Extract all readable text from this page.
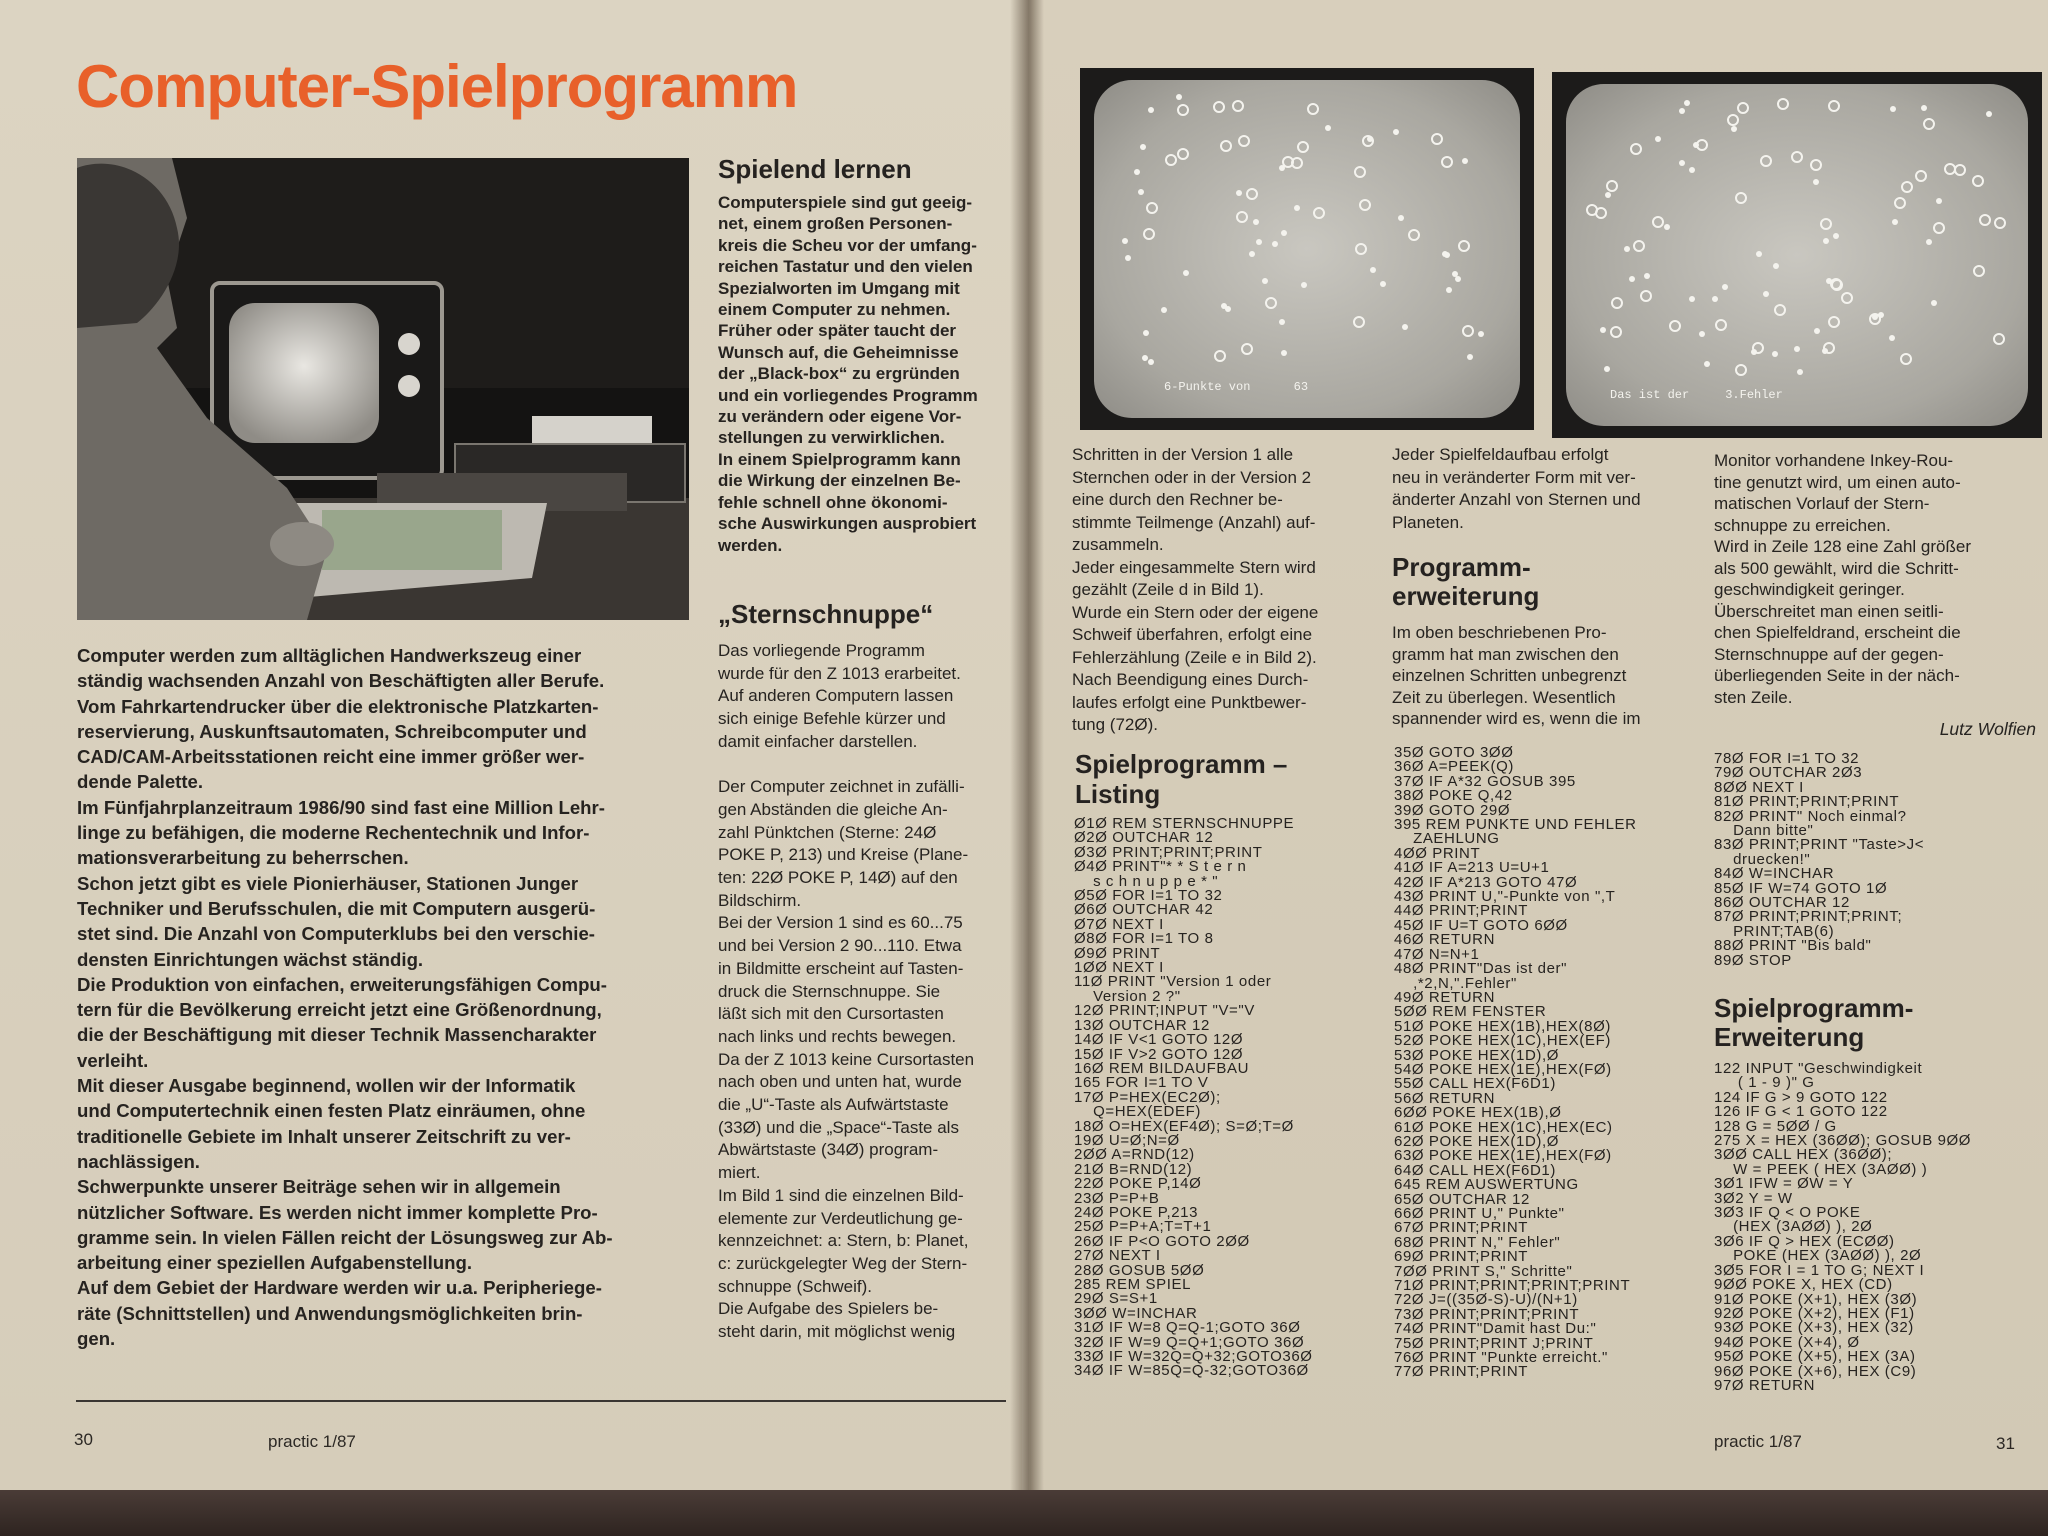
Computer-Spielprogramm

Computer werden zum alltäglichen Handwerkszeug einer

ständig wachsenden Anzahl von Beschäftigten aller Berufe.

Vom Fahrkartendrucker über die elektronische Platzkarten-

reservierung, Auskunftsautomaten, Schreibcomputer und

CAD/CAM-Arbeitsstationen reicht eine immer größer wer-

dende Palette.

Im Fünfjahrplanzeitraum 1986/90 sind fast eine Million Lehr-

linge zu befähigen, die moderne Rechentechnik und Infor-

mationsverarbeitung zu beherrschen.

Schon jetzt gibt es viele Pionierhäuser, Stationen Junger

Techniker und Berufsschulen, die mit Computern ausgerü-

stet sind. Die Anzahl von Computerklubs bei den verschie-

densten Einrichtungen wächst ständig.

Die Produktion von einfachen, erweiterungsfähigen Compu-

tern für die Bevölkerung erreicht jetzt eine Größenordnung,

die der Beschäftigung mit dieser Technik Massencharakter

verleiht.

Mit dieser Ausgabe beginnend, wollen wir der Informatik

und Computertechnik einen festen Platz einräumen, ohne

traditionelle Gebiete im Inhalt unserer Zeitschrift zu ver-

nachlässigen.

Schwerpunkte unserer Beiträge sehen wir in allgemein

nützlicher Software. Es werden nicht immer komplette Pro-

gramme sein. In vielen Fällen reicht der Lösungsweg zur Ab-

arbeitung einer speziellen Aufgabenstellung.

Auf dem Gebiet der Hardware werden wir u.a. Peripheriege-

räte (Schnittstellen) und Anwendungsmöglichkeiten brin-

gen.

Spielend lernen

Computerspiele sind gut geeig-

net, einem großen Personen-

kreis die Scheu vor der umfang-

reichen Tastatur und den vielen

Spezialworten im Umgang mit

einem Computer zu nehmen.

Früher oder später taucht der

Wunsch auf, die Geheimnisse

der „Black-box“ zu ergründen

und ein vorliegendes Programm

zu verändern oder eigene Vor-

stellungen zu verwirklichen.

In einem Spielprogramm kann

die Wirkung der einzelnen Be-

fehle schnell ohne ökonomi-

sche Auswirkungen ausprobiert

werden.

„Sternschnuppe“

Das vorliegende Programm

wurde für den Z 1013 erarbeitet.

Auf anderen Computern lassen

sich einige Befehle kürzer und

damit einfacher darstellen.

Der Computer zeichnet in zufälli-

gen Abständen die gleiche An-

zahl Pünktchen (Sterne: 24Ø

POKE P, 213) und Kreise (Plane-

ten: 22Ø POKE P, 14Ø) auf den

Bildschirm.

Bei der Version 1 sind es 60...75

und bei Version 2 90...110. Etwa

in Bildmitte erscheint auf Tasten-

druck die Sternschnuppe. Sie

läßt sich mit den Cursortasten

nach links und rechts bewegen.

Da der Z 1013 keine Cursortasten

nach oben und unten hat, wurde

die „U“-Taste als Aufwärtstaste

(33Ø) und die „Space“-Taste als

Abwärtstaste (34Ø) program-

miert.

Im Bild 1 sind die einzelnen Bild-

elemente zur Verdeutlichung ge-

kennzeichnet: a: Stern, b: Planet,

c: zurückgelegter Weg der Stern-

schnuppe (Schweif).

Die Aufgabe des Spielers be-

steht darin, mit möglichst wenig

30	practic 1/87
6-Punkte von      63
Das ist der     3.Fehler

Schritten in der Version 1 alle

Sternchen oder in der Version 2

eine durch den Rechner be-

stimmte Teilmenge (Anzahl) auf-

zusammeln.

Jeder eingesammelte Stern wird

gezählt (Zeile d in Bild 1).

Wurde ein Stern oder der eigene

Schweif überfahren, erfolgt eine

Fehlerzählung (Zeile e in Bild 2).

Nach Beendigung eines Durch-

laufes erfolgt eine Punktbewer-

tung (72Ø).

Spielprogramm –
Listing

Jeder Spielfeldaufbau erfolgt

neu in veränderter Form mit ver-

änderter Anzahl von Sternen und

Planeten.

Programm-
erweiterung

Im oben beschriebenen Pro-

gramm hat man zwischen den

einzelnen Schritten unbegrenzt

Zeit zu überlegen. Wesentlich

spannender wird es, wenn die im

Monitor vorhandene Inkey-Rou-

tine genutzt wird, um einen auto-

matischen Vorlauf der Stern-

schnuppe zu erreichen.

Wird in Zeile 128 eine Zahl größer

als 500 gewählt, wird die Schritt-

geschwindigkeit geringer.

Überschreitet man einen seitli-

chen Spielfeldrand, erscheint die

Sternschnuppe auf der gegen-

überliegenden Seite in der näch-

sten Zeile.

Lutz Wolfien
Ø1Ø REM STERNSCHNUPPE
Ø2Ø OUTCHAR 12
Ø3Ø PRINT;PRINT;PRINT
Ø4Ø PRINT"* * S t e r n
s c h n u p p e * "
Ø5Ø FOR I=1 TO 32
Ø6Ø OUTCHAR 42
Ø7Ø NEXT I
Ø8Ø FOR I=1 TO 8
Ø9Ø PRINT
1ØØ NEXT I
11Ø PRINT "Version 1 oder
Version 2 ?"
12Ø PRINT;INPUT "V="V
13Ø OUTCHAR 12
14Ø IF V<1 GOTO 12Ø
15Ø IF V>2 GOTO 12Ø
16Ø REM BILDAUFBAU
165 FOR I=1 TO V
17Ø P=HEX(EC2Ø);
Q=HEX(EDEF)
18Ø O=HEX(EF4Ø); S=Ø;T=Ø
19Ø U=Ø;N=Ø
2ØØ A=RND(12)
21Ø B=RND(12)
22Ø POKE P,14Ø
23Ø P=P+B
24Ø POKE P,213
25Ø P=P+A;T=T+1
26Ø IF P<O GOTO 2ØØ
27Ø NEXT I
28Ø GOSUB 5ØØ
285 REM SPIEL
29Ø S=S+1
3ØØ W=INCHAR
31Ø IF W=8 Q=Q-1;GOTO 36Ø
32Ø IF W=9 Q=Q+1;GOTO 36Ø
33Ø IF W=32Q=Q+32;GOTO36Ø
34Ø IF W=85Q=Q-32;GOTO36Ø
35Ø GOTO 3ØØ
36Ø A=PEEK(Q)
37Ø IF A*32 GOSUB 395
38Ø POKE Q,42
39Ø GOTO 29Ø
395 REM PUNKTE UND FEHLER
ZAEHLUNG
4ØØ PRINT
41Ø IF A=213 U=U+1
42Ø IF A*213 GOTO 47Ø
43Ø PRINT U,"-Punkte von ",T
44Ø PRINT;PRINT
45Ø IF U=T GOTO 6ØØ
46Ø RETURN
47Ø N=N+1
48Ø PRINT"Das ist der"
,*2,N,".Fehler"
49Ø RETURN
5ØØ REM FENSTER
51Ø POKE HEX(1B),HEX(8Ø)
52Ø POKE HEX(1C),HEX(EF)
53Ø POKE HEX(1D),Ø
54Ø POKE HEX(1E),HEX(FØ)
55Ø CALL HEX(F6D1)
56Ø RETURN
6ØØ POKE HEX(1B),Ø
61Ø POKE HEX(1C),HEX(EC)
62Ø POKE HEX(1D),Ø
63Ø POKE HEX(1E),HEX(FØ)
64Ø CALL HEX(F6D1)
645 REM AUSWERTUNG
65Ø OUTCHAR 12
66Ø PRINT U," Punkte"
67Ø PRINT;PRINT
68Ø PRINT N," Fehler"
69Ø PRINT;PRINT
7ØØ PRINT S," Schritte"
71Ø PRINT;PRINT;PRINT;PRINT
72Ø J=((35Ø-S)-U)/(N+1)
73Ø PRINT;PRINT;PRINT
74Ø PRINT"Damit hast Du:"
75Ø PRINT;PRINT J;PRINT
76Ø PRINT "Punkte erreicht."
77Ø PRINT;PRINT
78Ø FOR I=1 TO 32
79Ø OUTCHAR 2Ø3
8ØØ NEXT I
81Ø PRINT;PRINT;PRINT
82Ø PRINT" Noch einmal?
Dann bitte"
83Ø PRINT;PRINT "Taste>J<
druecken!"
84Ø W=INCHAR
85Ø IF W=74 GOTO 1Ø
86Ø OUTCHAR 12
87Ø PRINT;PRINT;PRINT;
PRINT;TAB(6)
88Ø PRINT "Bis bald"
89Ø STOP
Spielprogramm-
Erweiterung
122 INPUT "Geschwindigkeit
( 1 - 9 )" G
124 IF G > 9 GOTO 122
126 IF G < 1 GOTO 122
128 G = 5ØØ / G
275 X = HEX (36ØØ); GOSUB 9ØØ
3ØØ CALL HEX (36ØØ);
W = PEEK ( HEX (3AØØ) )
3Ø1 IFW = ØW = Y
3Ø2 Y = W
3Ø3 IF Q < O POKE
(HEX (3AØØ) ), 2Ø
3Ø6 IF Q > HEX (ECØØ)
POKE (HEX (3AØØ) ), 2Ø
3Ø5 FOR I = 1 TO G; NEXT I
9ØØ POKE X, HEX (CD)
91Ø POKE (X+1), HEX (3Ø)
92Ø POKE (X+2), HEX (F1)
93Ø POKE (X+3), HEX (32)
94Ø POKE (X+4), Ø
95Ø POKE (X+5), HEX (3A)
96Ø POKE (X+6), HEX (C9)
97Ø RETURN
practic 1/87	31
